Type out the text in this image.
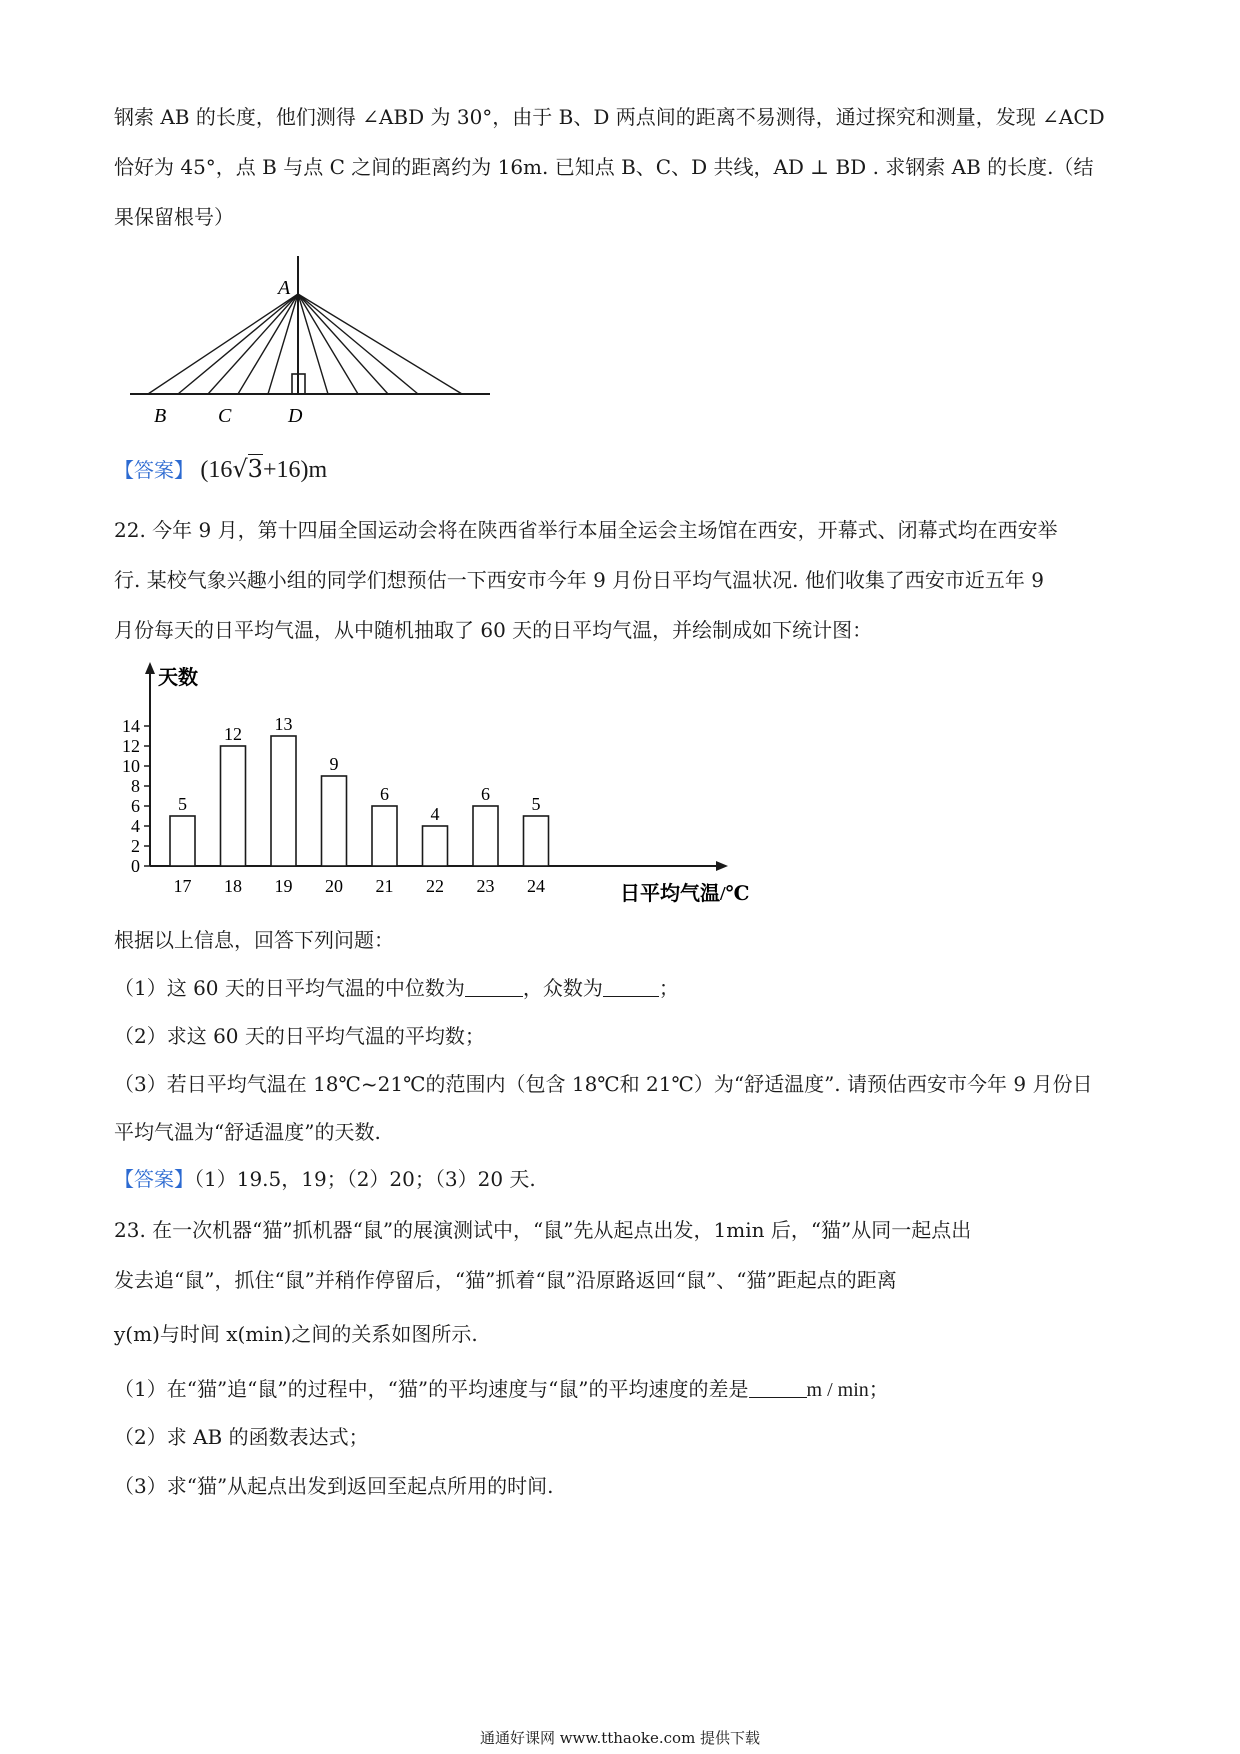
钢索 AB 的长度，他们测得 ∠ABD 为 30°，由于 B、D 两点间的距离不易测得，通过探究和测量，发现 ∠ACD
恰好为 45°，点 B 与点 C 之间的距离约为 16m. 已知点 B、C、D 共线，AD ⊥ BD . 求钢索 AB 的长度.（结
果保留根号）
A
B	C	D
【答案】 (16√3+16)m
22. 今年 9 月，第十四届全国运动会将在陕西省举行本届全运会主场馆在西安，开幕式、闭幕式均在西安举
行. 某校气象兴趣小组的同学们想预估一下西安市今年 9 月份日平均气温状况. 他们收集了西安市近五年 9
月份每天的日平均气温，从中随机抽取了 60 天的日平均气温，并绘制成如下统计图：
0
2
4
6
8
10
12
14
天数
日平均气温/℃
5
17
12
18
13
19
9
20
6
21
4
22
6
23
5
24
根据以上信息，回答下列问题：
（1）这 60 天的日平均气温的中位数为	，众数为	；
（2）求这 60 天的日平均气温的平均数；
（3）若日平均气温在 18℃~21℃的范围内（包含 18℃和 21℃）为“舒适温度”. 请预估西安市今年 9 月份日
平均气温为“舒适温度”的天数.
【答案】（1）19.5，19；（2）20；（3）20 天.
23. 在一次机器“猫”抓机器“鼠”的展演测试中，“鼠”先从起点出发，1min 后，“猫”从同一起点出
发去追“鼠”，抓住“鼠”并稍作停留后，“猫”抓着“鼠”沿原路返回“鼠”、“猫”距起点的距离
y(m)与时间 x(min)之间的关系如图所示.
（1）在“猫”追“鼠”的过程中，“猫”的平均速度与“鼠”的平均速度的差是	m / min；
（2）求 AB 的函数表达式；
（3）求“猫”从起点出发到返回至起点所用的时间.
通通好课网 www.tthaoke.com 提供下载
